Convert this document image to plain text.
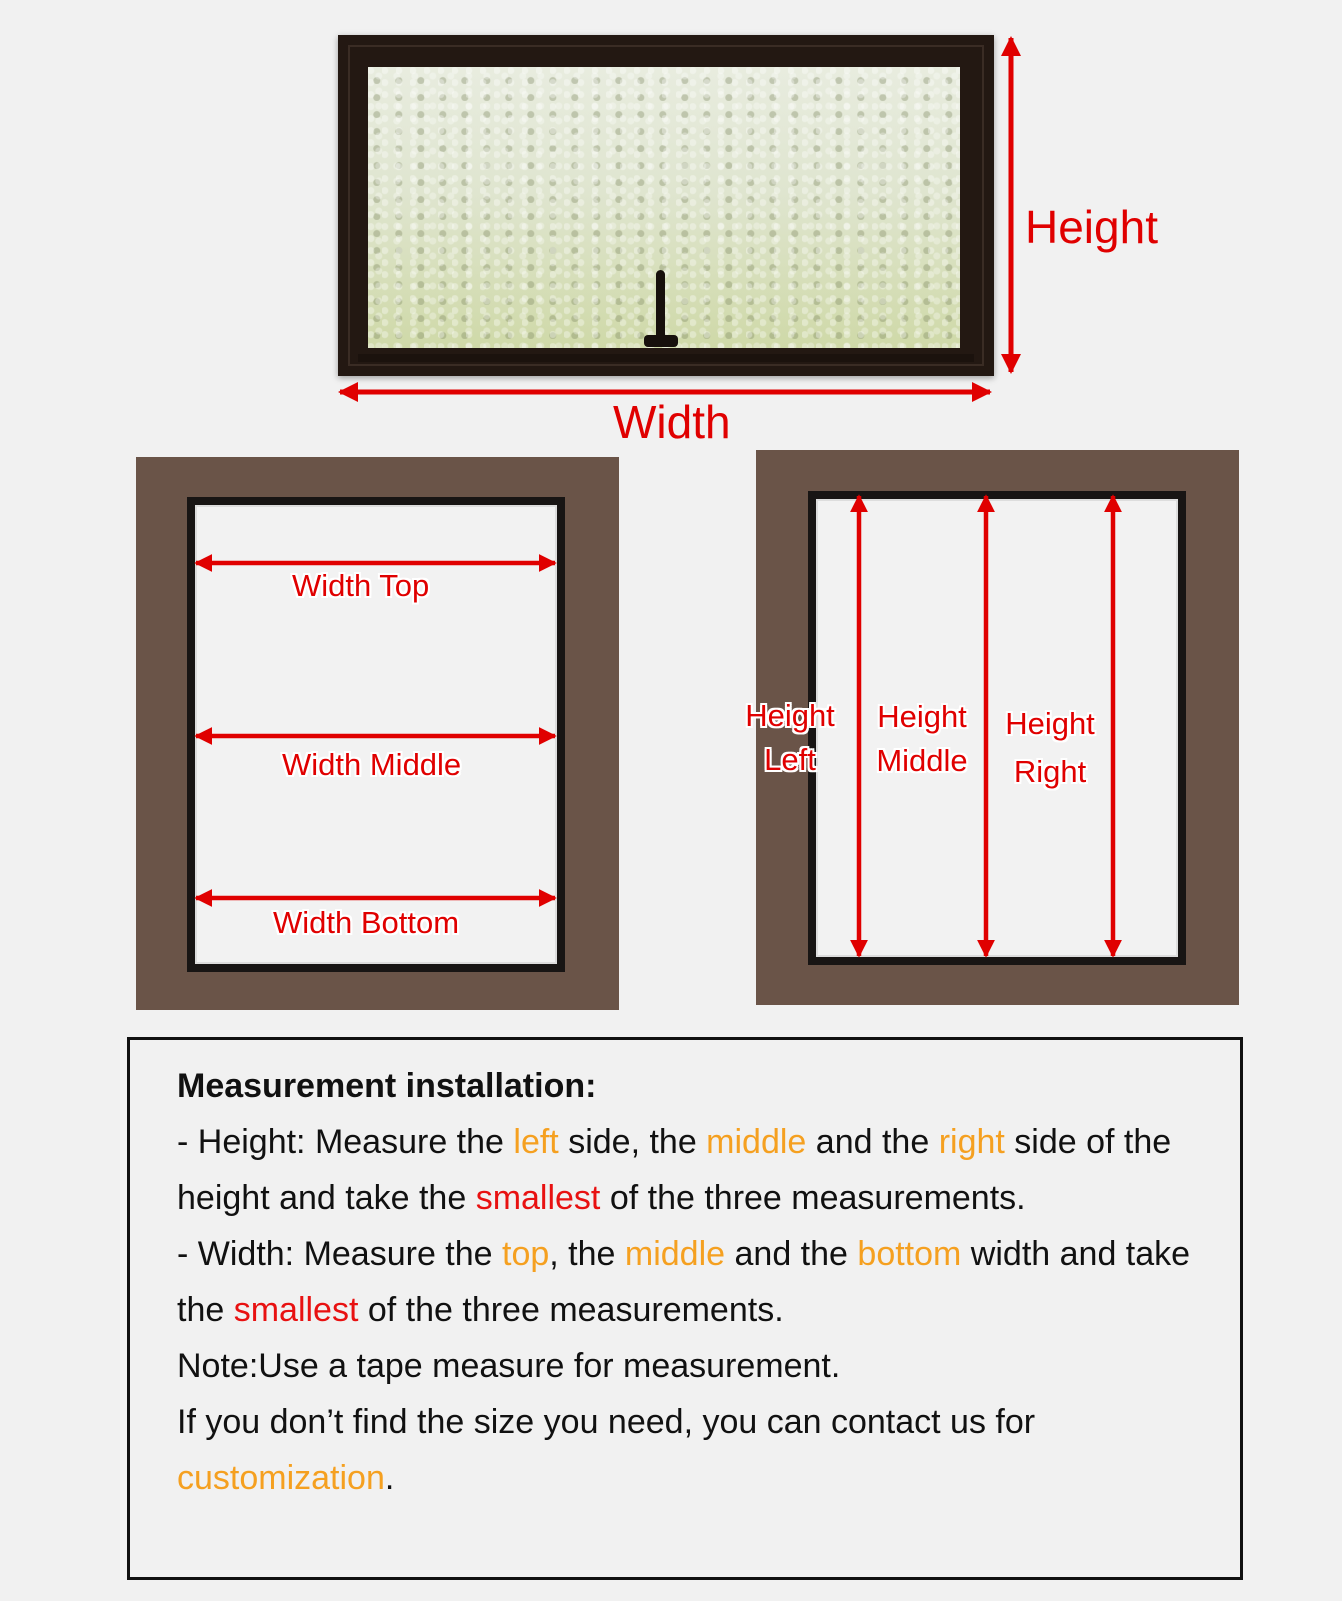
Height
Width
Width Top
Width Middle
Width Bottom
Height
Left
Height
Middle
Height
Right
Measurement installation:
- Height: Measure the left side, the middle and the right side of the height and take the smallest of the three measurements.
- Width: Measure the top, the middle and the bottom width and take the smallest of the three measurements.
Note:Use a tape measure for measurement.
If you don’t find the size you need, you can contact us for customization.
